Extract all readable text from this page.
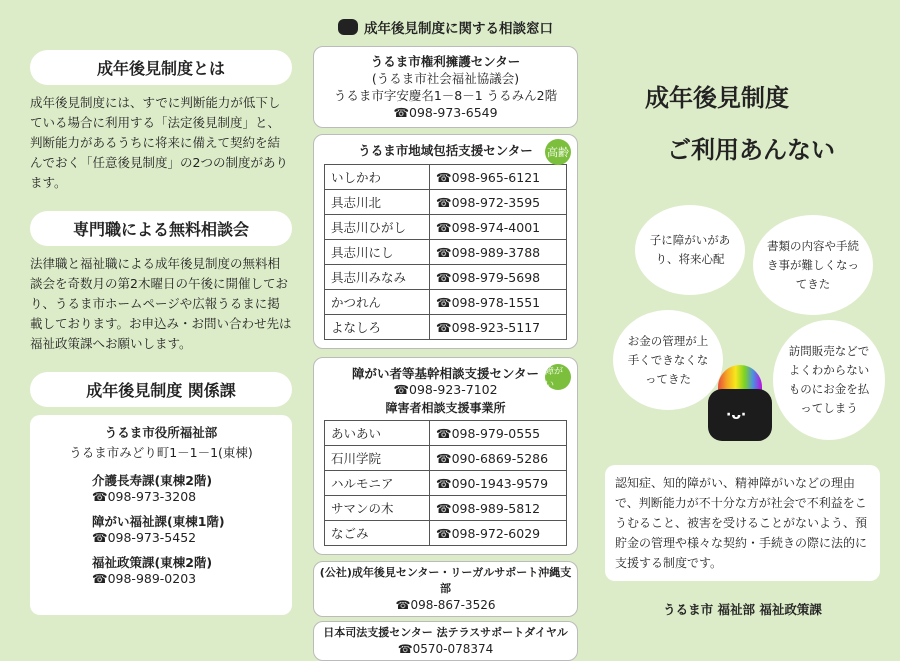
成年後見制度とは

成年後見制度には、すでに判断能力が低下している場合に利用する「法定後見制度」と、判断能力があるうちに将来に備えて契約を結んでおく「任意後見制度」の2つの制度があります。

専門職による無料相談会

法律職と福祉職による成年後見制度の無料相談会を奇数月の第2木曜日の午後に開催しており、うるま市ホームページや広報うるまに掲載しております。お申込み・お問い合わせ先は福祉政策課へお願いします。

成年後見制度 関係課
うるま市役所福祉部
うるま市みどり町1－1－1(東棟)
介護長寿課(東棟2階)
☎098-973-3208
障がい福祉課(東棟1階)
☎098-973-5452
福祉政策課(東棟2階)
☎098-989-0203
成年後見制度に関する相談窓口
うるま市権利擁護センター
(うるま市社会福祉協議会)
うるま市字安慶名1－8－1 うるみん2階
☎098-973-6549
うるま市地域包括支援センター	高齢
いしかわ	☎098-965-6121
具志川北	☎098-972-3595
具志川ひがし	☎098-974-4001
具志川にし	☎098-989-3788
具志川みなみ	☎098-979-5698
かつれん	☎098-978-1551
よなしろ	☎098-923-5117
障がい者等基幹相談支援センター
☎098-923-7102
障がい
障害者相談支援事業所
あいあい	☎098-979-0555
石川学院	☎090-6869-5286
ハルモニア	☎090-1943-9579
サマンの木	☎098-989-5812
なごみ	☎098-972-6029
(公社)成年後見センター・リーガルサポート沖縄支部
☎098-867-3526
日本司法支援センター 法テラスサポートダイヤル
☎0570-078374
成年後見制度
ご利用あんない
子に障がいがあり、将来心配
書類の内容や手続き事が難しくなってきた
お金の管理が上手くできなくなってきた
訪問販売などでよくわからないものにお金を払ってしまう
·ᴗ·
認知症、知的障がい、精神障がいなどの理由で、判断能力が不十分な方が社会で不利益をこうむること、被害を受けることがないよう、預貯金の管理や様々な契約・手続きの際に法的に支援する制度です。
うるま市 福祉部 福祉政策課
